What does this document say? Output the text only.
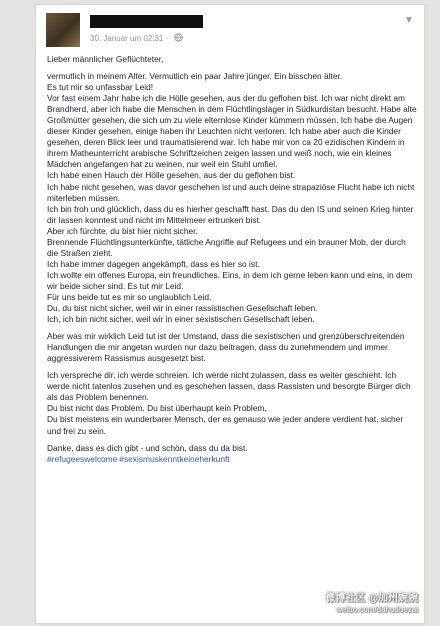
▼
30. Januar um 02:31 ·

Lieber männlicher Geflüchteter,

vermutlich in meinem Alter. Vermutlich ein paar Jahre jünger. Ein bisschen älter.
Es tut mir so unfassbar Leid!
Vor fast einem Jahr habe ich die Hölle gesehen, aus der du geflohen bist. Ich war nicht direkt am Brandherd, aber ich habe die Menschen in dem Flüchtlingslager in Südkurdistan besucht. Habe alte Großmütter gesehen, die sich um zu viele elternlose Kinder kümmern müssen. Ich habe die Augen dieser Kinder gesehen, einige haben ihr Leuchten nicht verloren. Ich habe aber auch die Kinder gesehen, deren Blick leer und traumatisierend war. Ich habe mir von ca 20 ezidischen Kindern in ihrem Matheunterricht arabische Schriftzeichen zeigen lassen und weiß noch, wie ein kleines Mädchen angefangen hat zu weinen, nur weil ein Stuhl umfiel.
Ich habe einen Hauch der Hölle gesehen, aus der du geflohen bist.
Ich habe nicht gesehen, was davor geschehen ist und auch deine strapaziöse Flucht habe ich nicht miterleben müssen.
Ich bin froh und glücklich, dass du es hierher geschafft hast. Das du den IS und seinen Krieg hinter dir lassen konntest und nicht im Mittelmeer ertrunken bist.
Aber ich fürchte, du bist hier nicht sicher.
Brennende Flüchtlingsunterkünfte, tätliche Angriffe auf Refugees und ein brauner Mob, der durch die Straßen zieht.
Ich habe immer dagegen angekämpft, dass es hier so ist.
Ich wollte ein offenes Europa, ein freundliches. Eins, in dem ich gerne leben kann und eins, in dem wir beide sicher sind. Es tut mir Leid.
Für uns beide tut es mir so unglaublich Leid.
Du, du bist nicht sicher, weil wir in einer rassistischen Gesellschaft leben.
Ich, ich bin nicht sicher, weil wir in einer sexistischen Gesellschaft leben.

Aber was mir wirklich Leid tut ist der Umstand, dass die sexistischen und grenzüberschreitenden Handlungen die mir angetan wurden nur dazu beitragen, dass du zunehmendem und immer aggressiverem Rassismus ausgesetzt bist.

Ich verspreche dir, ich werde schreien. Ich werde nicht zulassen, dass es weiter geschieht. Ich werde nicht tatenlos zusehen und es geschehen lassen, dass Rassisten und besorgte Bürger dich als das Problem benennen.
Du bist nicht das Problem. Du bist überhaupt kein Problem.
Du bist meistens ein wunderbarer Mensch, der es genauso wie jeder andere verdient hat, sicher und frei zu sein.

Danke, dass es dich gibt - und schön, dass du da bist.
#refugeeswelcome #sexismuskenntkeineherkunft

微博社区 @加州婉婉
weibo.com/dahuduezai
